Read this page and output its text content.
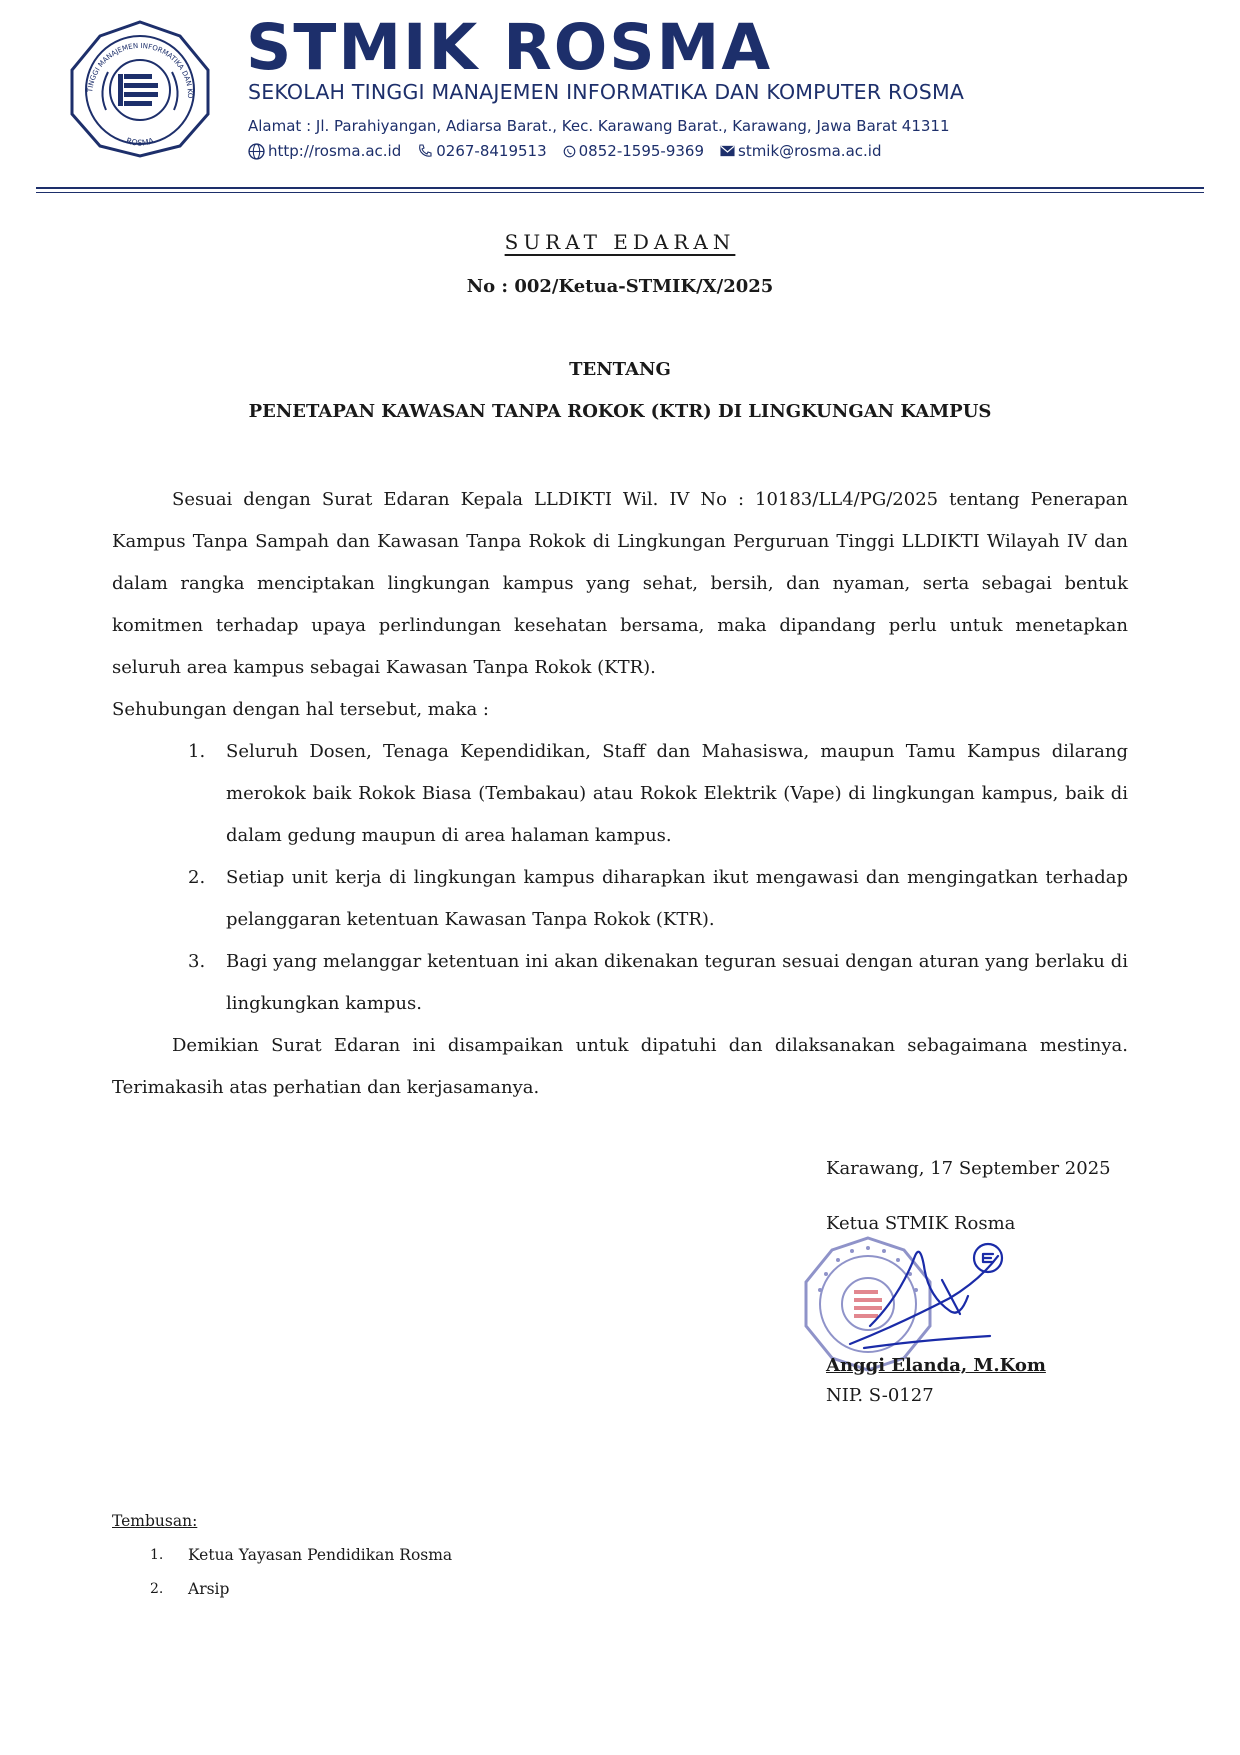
TINGGI MANAJEMEN INFORMATIKA DAN KO
ROSMA
STMIK ROSMA
SEKOLAH TINGGI MANAJEMEN INFORMATIKA DAN KOMPUTER ROSMA
Alamat : Jl. Parahiyangan, Adiarsa Barat., Kec. Karawang Barat., Karawang, Jawa Barat 41311
http://rosma.ac.id 0267-8419513 0852-1595-9369 stmik@rosma.ac.id
SURAT EDARAN
No : 002/Ketua-STMIK/X/2025
TENTANG
PENETAPAN KAWASAN TANPA ROKOK (KTR) DI LINGKUNGAN KAMPUS

Sesuai dengan Surat Edaran Kepala LLDIKTI Wil. IV No : 10183/LL4/PG/2025 tentang Penerapan Kampus Tanpa Sampah dan Kawasan Tanpa Rokok di Lingkungan Perguruan Tinggi LLDIKTI Wilayah IV dan dalam rangka menciptakan lingkungan kampus yang sehat, bersih, dan nyaman, serta sebagai bentuk komitmen terhadap upaya perlindungan kesehatan bersama, maka dipandang perlu untuk menetapkan seluruh area kampus sebagai Kawasan Tanpa Rokok (KTR).

Sehubungan dengan hal tersebut, maka :

1. Seluruh Dosen, Tenaga Kependidikan, Staff dan Mahasiswa, maupun Tamu Kampus dilarang merokok baik Rokok Biasa (Tembakau) atau Rokok Elektrik (Vape) di lingkungan kampus, baik di dalam gedung maupun di area halaman kampus.
2. Setiap unit kerja di lingkungan kampus diharapkan ikut mengawasi dan mengingatkan terhadap pelanggaran ketentuan Kawasan Tanpa Rokok (KTR).
3. Bagi yang melanggar ketentuan ini akan dikenakan teguran sesuai dengan aturan yang berlaku di lingkungkan kampus.

Demikian Surat Edaran ini disampaikan untuk dipatuhi dan dilaksanakan sebagaimana mestinya. Terimakasih atas perhatian dan kerjasamanya.

Karawang, 17 September 2025
Ketua STMIK Rosma
Anggi Elanda, M.Kom
NIP. S-0127
Tembusan:
1. Ketua Yayasan Pendidikan Rosma
2. Arsip
